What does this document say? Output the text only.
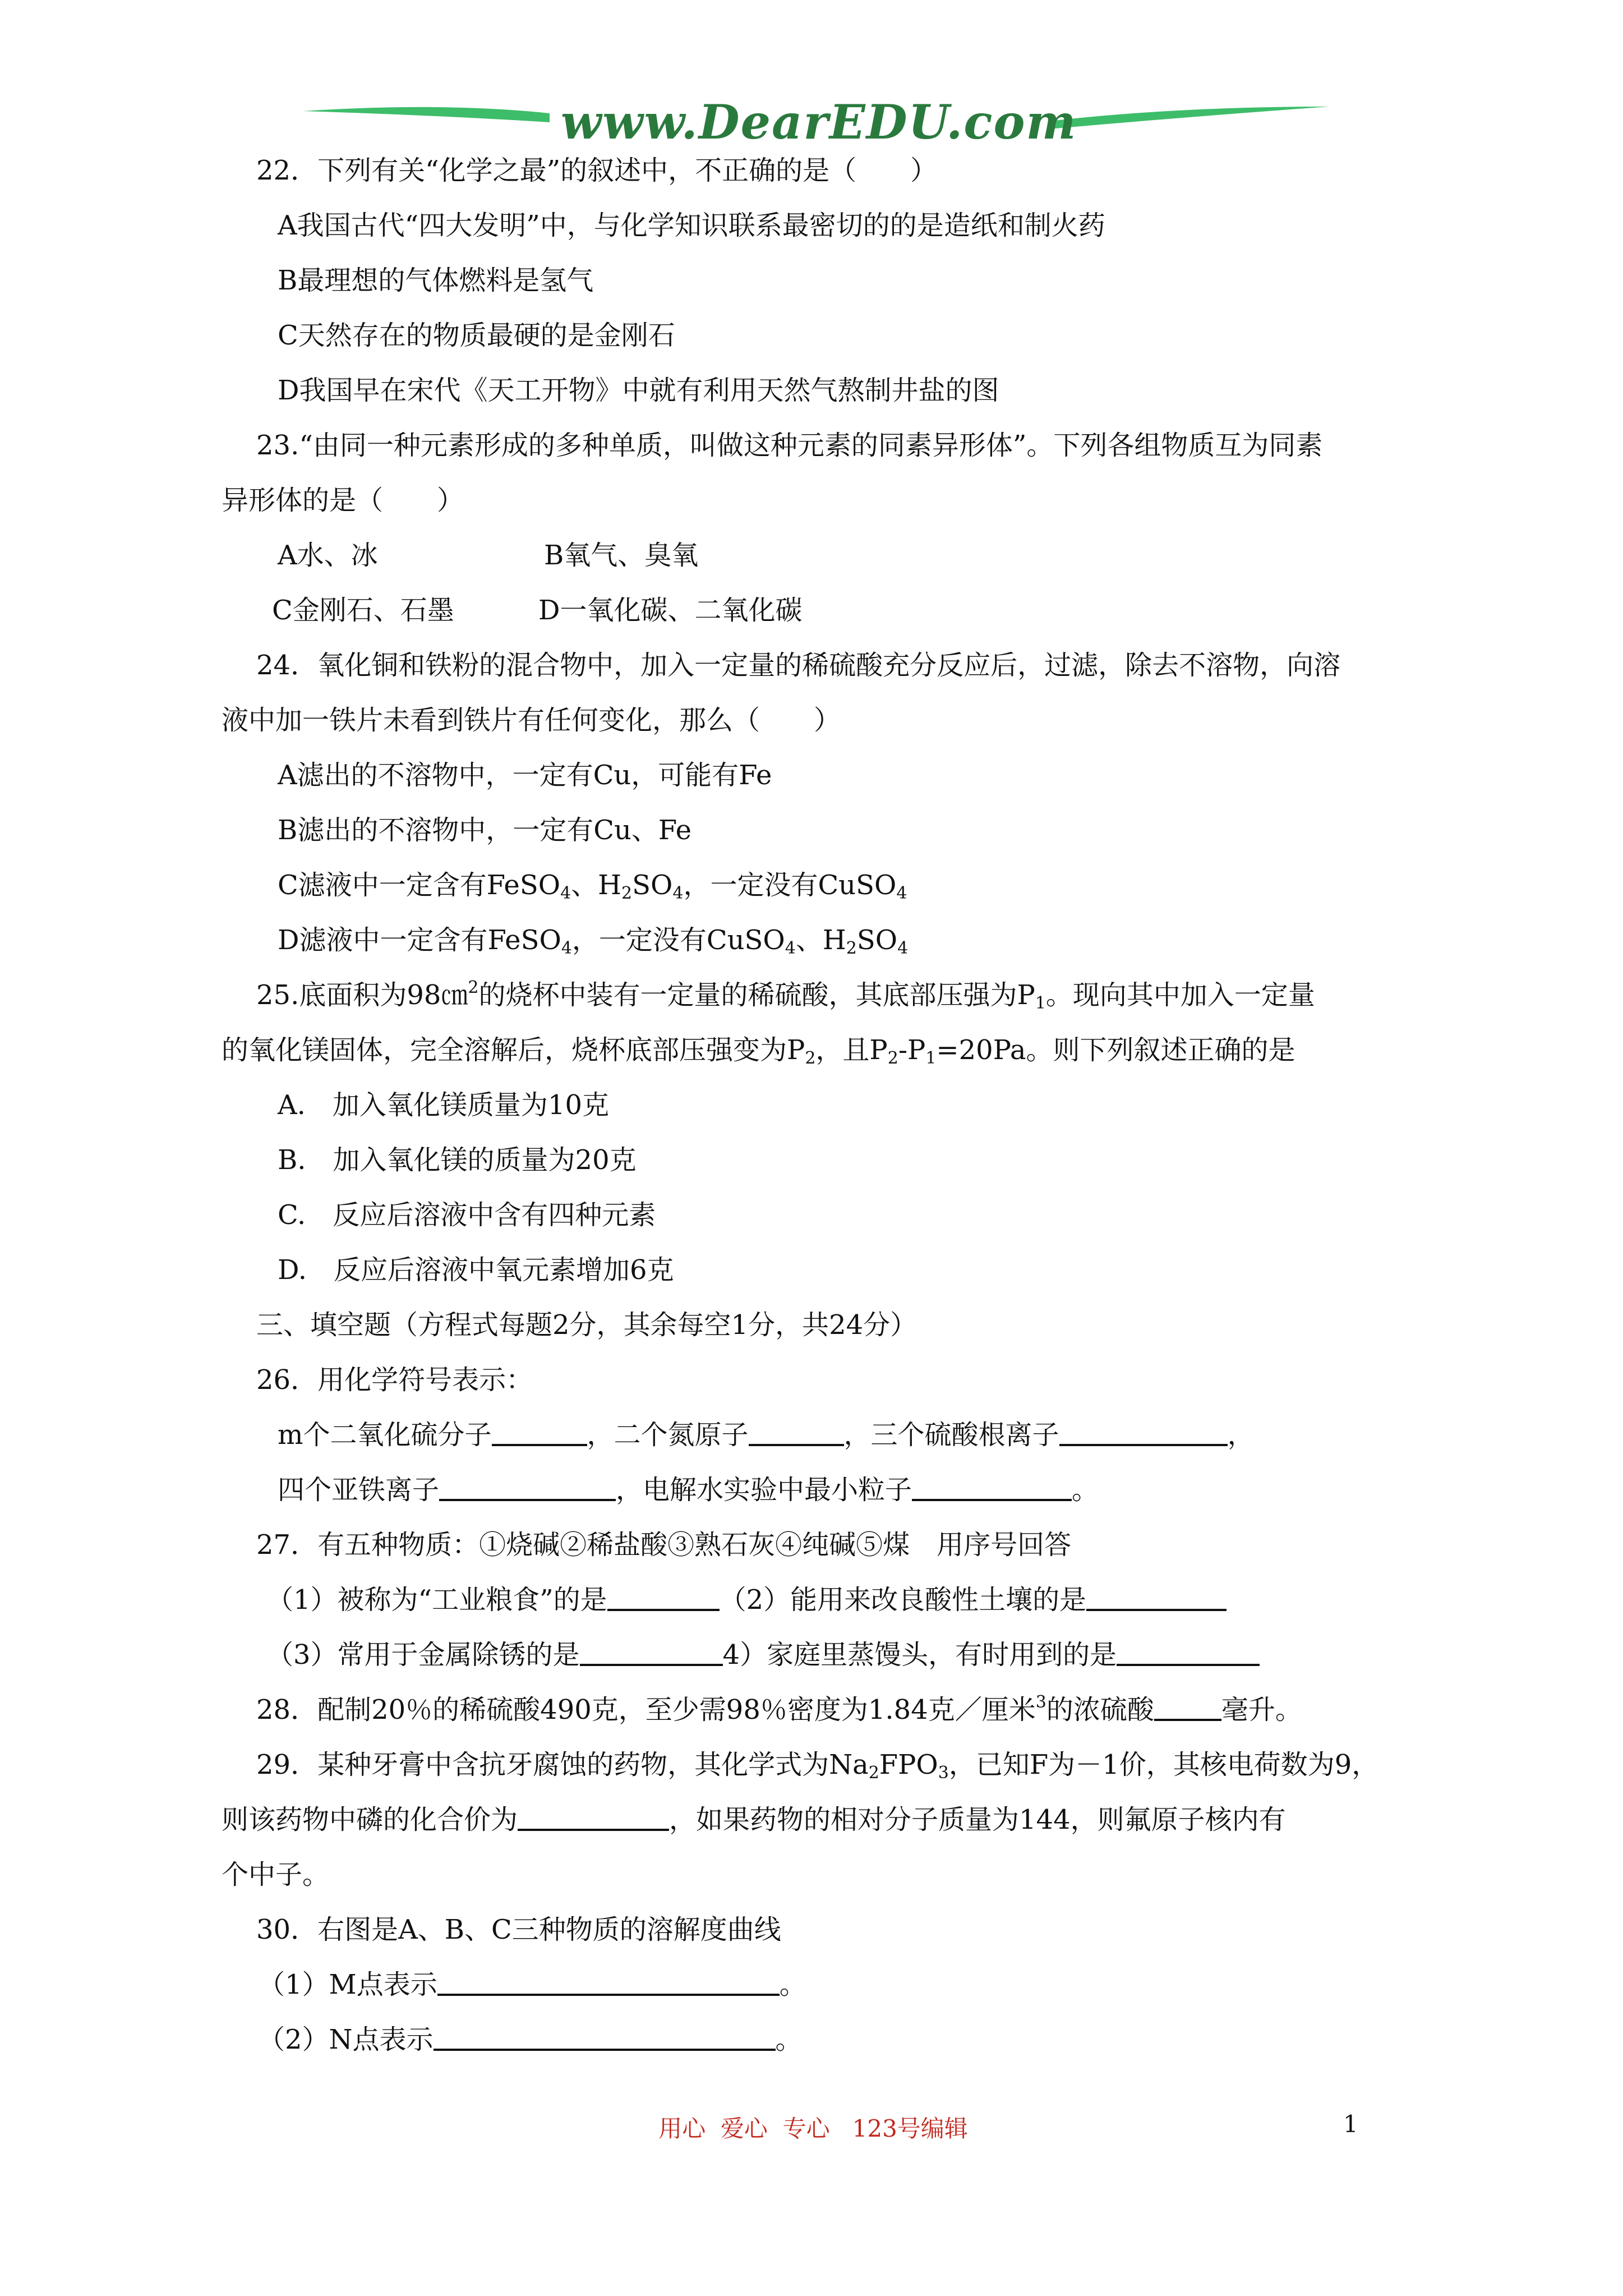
www.DearEDU.com
22．下列有关“化学之最”的叙述中，不正确的是（　　）
A我国古代“四大发明”中，与化学知识联系最密切的的是造纸和制火药
B最理想的气体燃料是氢气
C天然存在的物质最硬的是金刚石
D我国早在宋代《天工开物》中就有利用天然气熬制井盐的图
23.“由同一种元素形成的多种单质，叫做这种元素的同素异形体”。下列各组物质互为同素
异形体的是（　　）
A水、冰	B氧气、臭氧
C金刚石、石墨	D一氧化碳、二氧化碳
24．氧化铜和铁粉的混合物中，加入一定量的稀硫酸充分反应后，过滤，除去不溶物，向溶
液中加一铁片未看到铁片有任何变化，那么（　　）
A滤出的不溶物中，一定有Cu，可能有Fe
B滤出的不溶物中，一定有Cu、Fe
C滤液中一定含有FeSO$_4$、$H_2SO_4$，一定没有CuSO$_4$
D滤液中一定含有FeSO$_4$，一定没有CuSO$_4$、$H_2SO_4$
25.底面积为98㎝$^2$的烧杯中装有一定量的稀硫酸，其底部压强为$P_1$。现向其中加入一定量
的氧化镁固体，完全溶解后，烧杯底部压强变为$P_2$，且$P_2-P_1=20Pa$。则下列叙述正确的是
A.　加入氧化镁质量为10克
B.　加入氧化镁的质量为20克
C.　反应后溶液中含有四种元素
D.　反应后溶液中氧元素增加6克
三、填空题（方程式每题2分，其余每空1分，共24分）
26．用化学符号表示：
m个二氧化硫分子	，二个氮原子	，三个硫酸根离子	，
四个亚铁离子	，电解水实验中最小粒子	。
27．有五种物质：①烧碱②稀盐酸③熟石灰④纯碱⑤煤　用序号回答
（1）被称为“工业粮食”的是	（2）能用来改良酸性土壤的是
（3）常用于金属除锈的是	4）家庭里蒸馒头，有时用到的是
28．配制20％的稀硫酸490克，至少需98％密度为1.84克／厘米$^3$的浓硫酸	毫升。
29．某种牙膏中含抗牙腐蚀的药物，其化学式为$Na_2FPO_3$，已知F为－1价，其核电荷数为9，
则该药物中磷的化合价为	，如果药物的相对分子质量为144，则氟原子核内有
个中子。
30．右图是A、B、C三种物质的溶解度曲线
（1）M点表示	。
（2）N点表示	。
用心  爱心  专心   123号编辑	1
